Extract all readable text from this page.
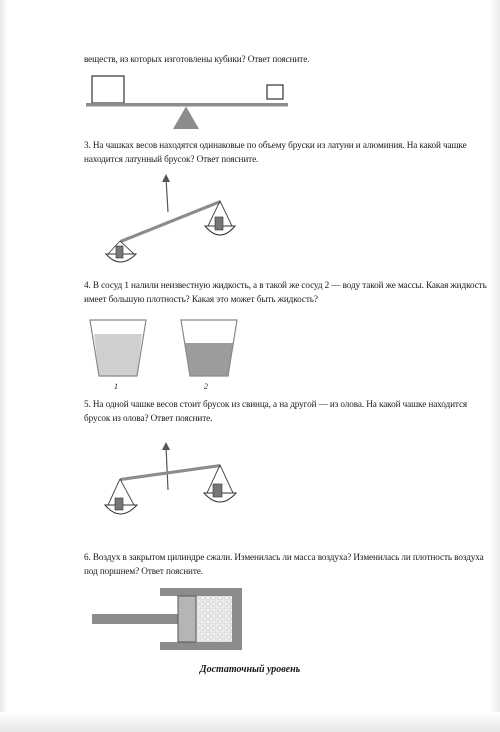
веществ, из которых изготовлены кубики? Ответ поясните.
3. На чашках весов находятся одинаковые по объему бруски из латуни и алюминия. На какой чашке находится латунный брусок? Ответ поясните.
4. В сосуд 1 налили неизвестную жидкость, а в такой же сосуд 2 — воду такой же массы. Какая жидкость имеет большую плотность? Какая это может быть жидкость?
1	2
5. На одной чашке весов стоит брусок из свинца, а на другой — из олова. На какой чашке находится брусок из олова? Ответ поясните.
6. Воздух в закрытом цилиндре сжали. Изменилась ли масса воздуха? Изменилась ли плотность воздуха под поршнем? Ответ поясните.
Достаточный уровень
